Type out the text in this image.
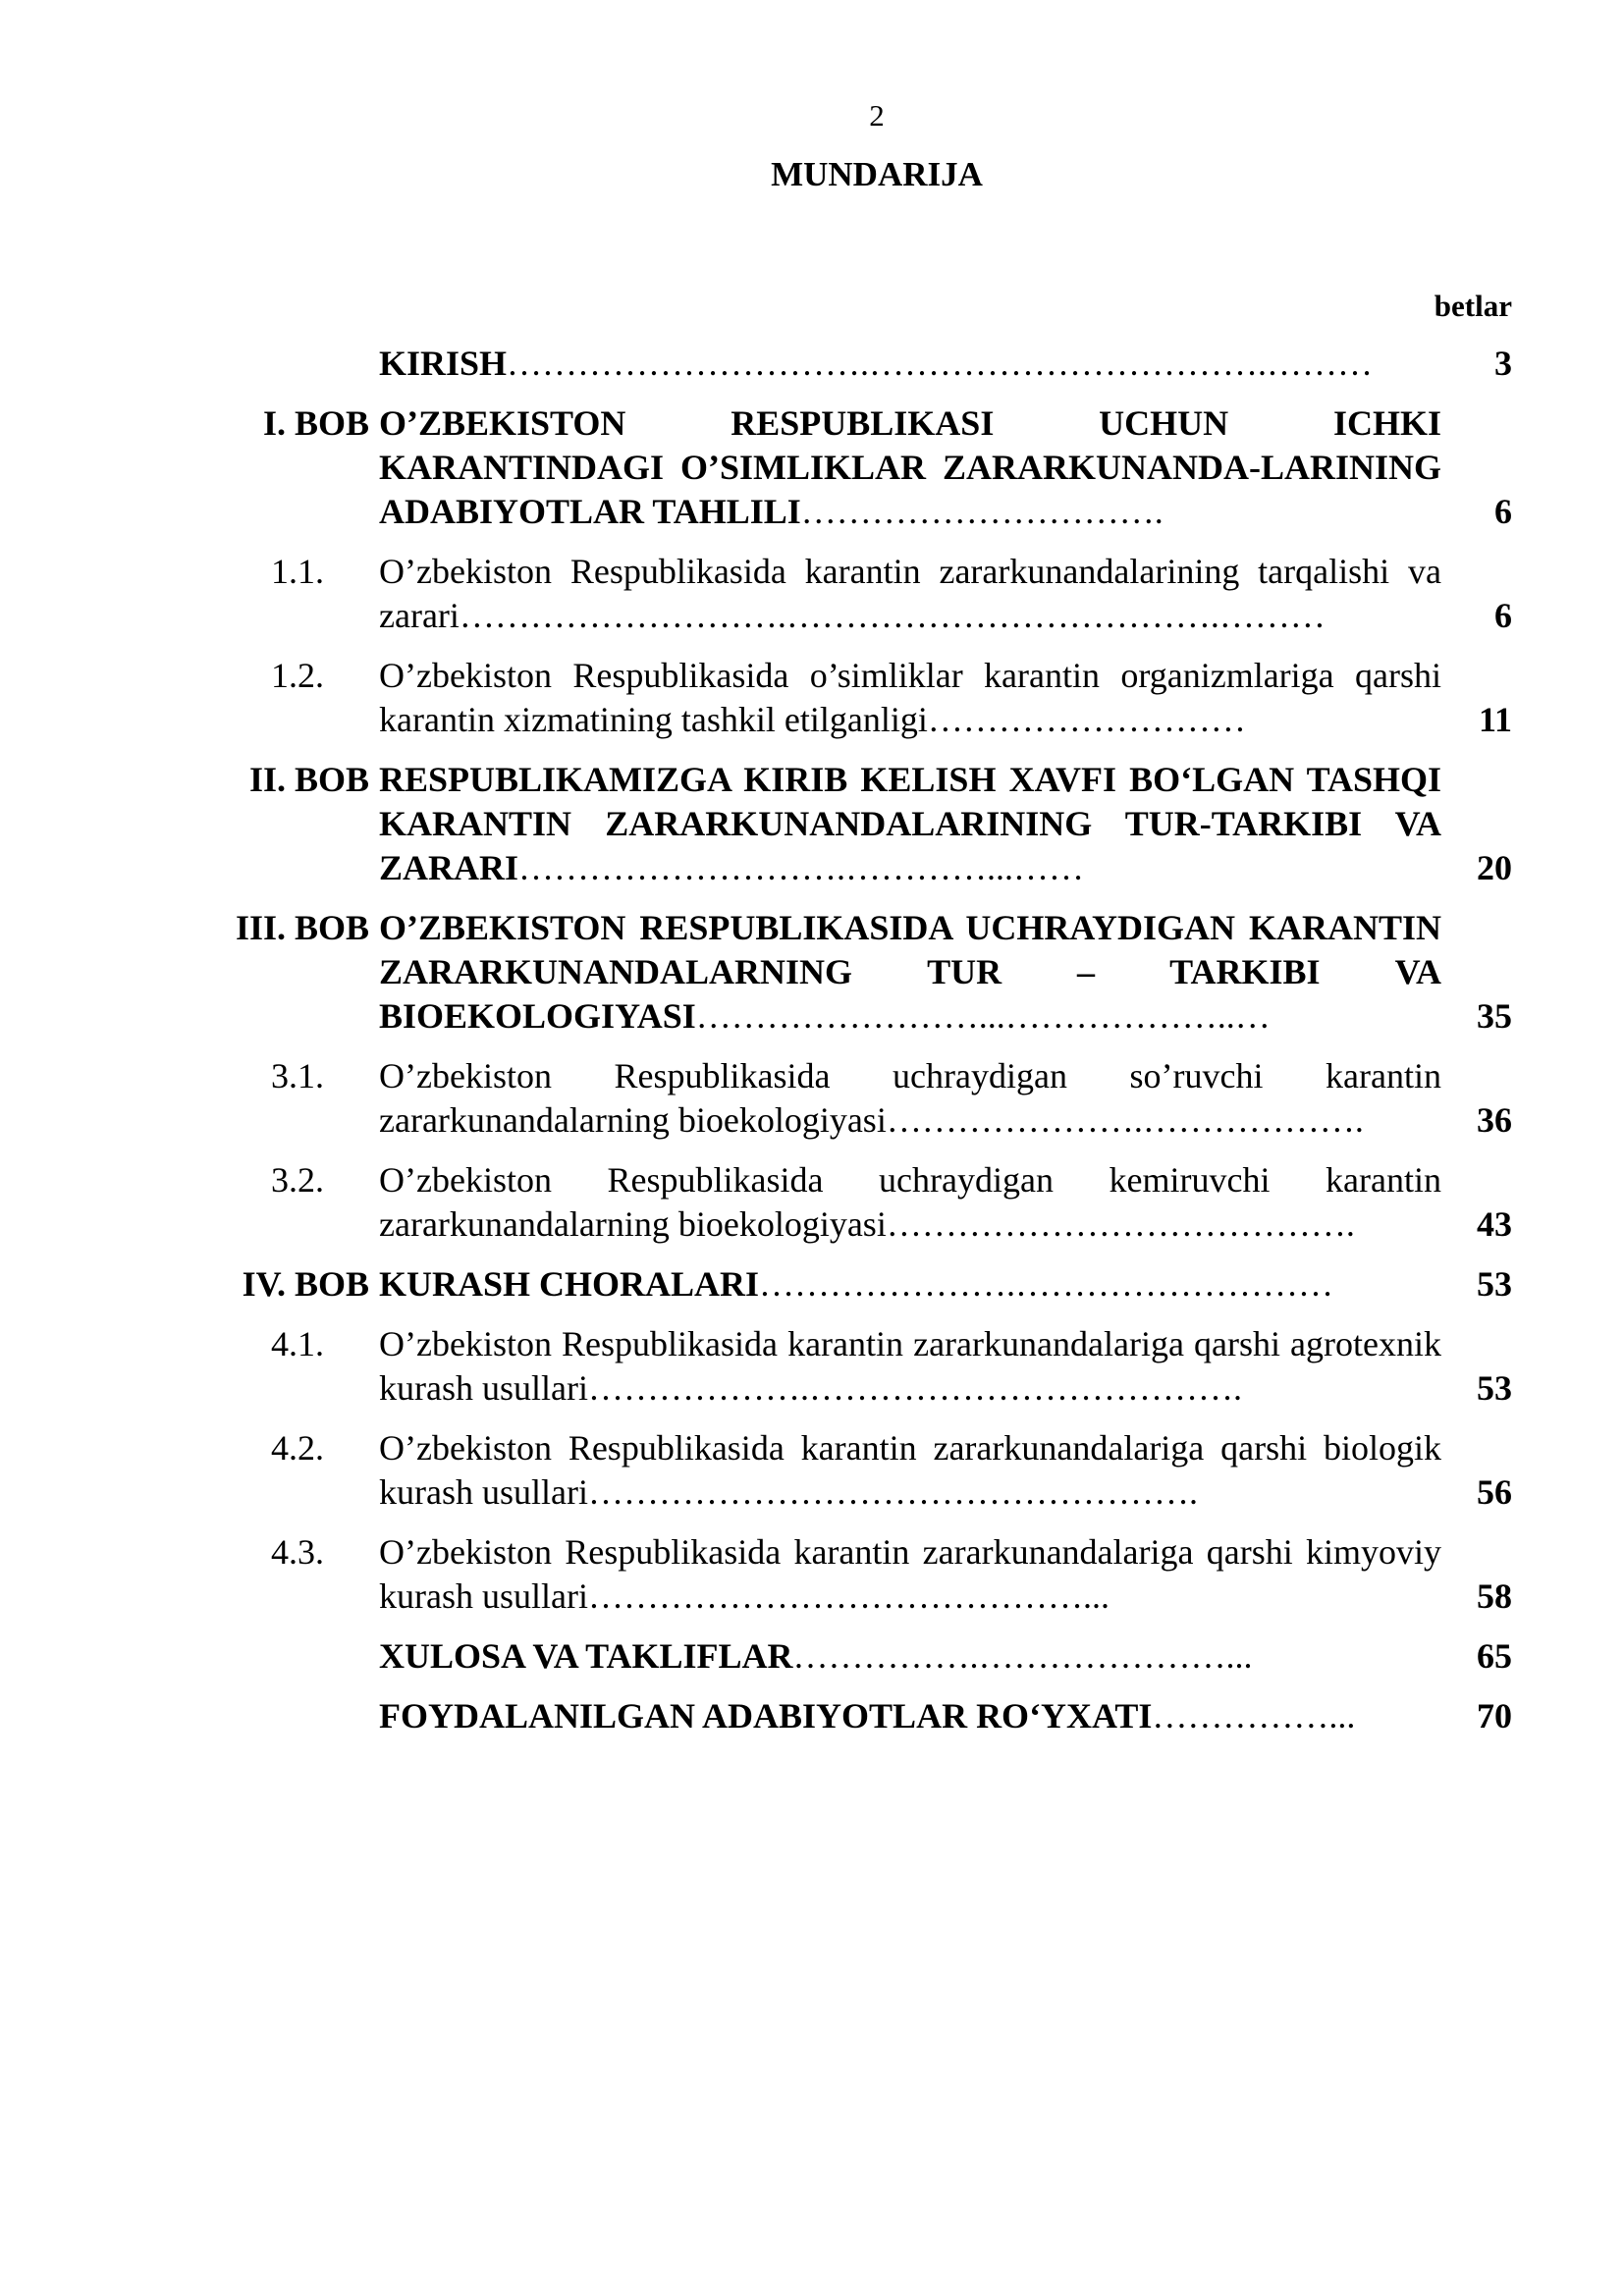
2
MUNDARIJA
betlar
KIRISH………………………….…………………………….………	3
I. BOB O’ZBEKISTON RESPUBLIKASI UCHUN ICHKI KARANTINDAGI O’SIMLIKLAR ZARARKUNANDA-LARINING ADABIYOTLAR TAHLILI………………………….	6
1.1.	O’zbekiston Respublikasida karantin zararkunandalarining tarqalishi va zarari……………………….……………………………….………	6
1.2.	O’zbekiston Respublikasida o’simliklar karantin organizmlariga qarshi karantin xizmatining tashkil etilganligi………………………	11
II. BOB RESPUBLIKAMIZGA KIRIB KELISH XAVFI BO‘LGAN TASHQI KARANTIN ZARARKUNANDALARINING TUR-TARKIBI VA ZARARI……………………….…………...……	20
III. BOB O’ZBEKISTON RESPUBLIKASIDA UCHRAYDIGAN KARANTIN ZARARKUNANDALARNING TUR – TARKIBI VA BIOEKOLOGIYASI……………………...………………..…	35
3.1.	O’zbekiston Respublikasida uchraydigan so’ruvchi karantin zararkunandalarning bioekologiyasi………………….……………….	36
3.2.	O’zbekiston Respublikasida uchraydigan kemiruvchi karantin zararkunandalarning bioekologiyasi………………………………….	43
IV. BOB KURASH CHORALARI………………….………………………	53
4.1.	O’zbekiston Respublikasida karantin zararkunandalariga qarshi agrotexnik kurash usullari……………….……………………………….	53
4.2.	O’zbekiston Respublikasida karantin zararkunandalariga qarshi biologik kurash usullari…………………………………………….	56
4.3.	O’zbekiston Respublikasida karantin zararkunandalariga qarshi kimyoviy kurash usullari……………………………………...	58
XULOSA VA TAKLIFLAR…………….…………………...	65
FOYDALANILGAN ADABIYOTLAR RO‘YXATI……………...	70
